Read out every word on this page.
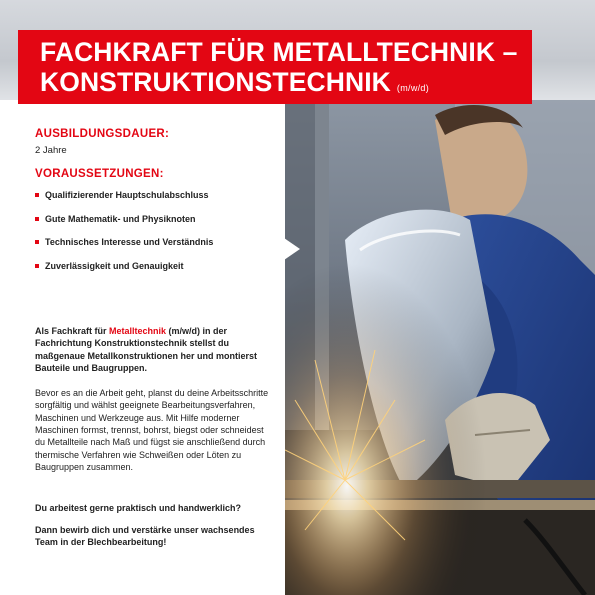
FACHKRAFT FÜR METALLTECHNIK –
KONSTRUKTIONSTECHNIK (m/w/d)
AUSBILDUNGSDAUER:
2 Jahre
VORAUSSETZUNGEN:
Qualifizierender Hauptschulabschluss
Gute Mathematik- und Physiknoten
Technisches Interesse und Verständnis
Zuverlässigkeit und Genauigkeit
Als Fachkraft für Metalltechnik (m/w/d) in der Fachrichtung Konstruktionstechnik stellst du maßgenaue Metallkonstruktionen her und montierst Bauteile und Baugruppen.
Bevor es an die Arbeit geht, planst du deine Arbeitsschritte sorgfältig und wählst geeignete Bearbeitungsverfahren, Maschinen und Werkzeuge aus. Mit Hilfe moderner Maschinen formst, trennst, bohrst, biegst oder schneidest du Metallteile nach Maß und fügst sie anschließend durch thermische Verfahren wie Schweißen oder Löten zu Baugruppen zusammen.
Du arbeitest gerne praktisch und handwerklich?
Dann bewirb dich und verstärke unser wachsendes Team in der Blechbearbeitung!
